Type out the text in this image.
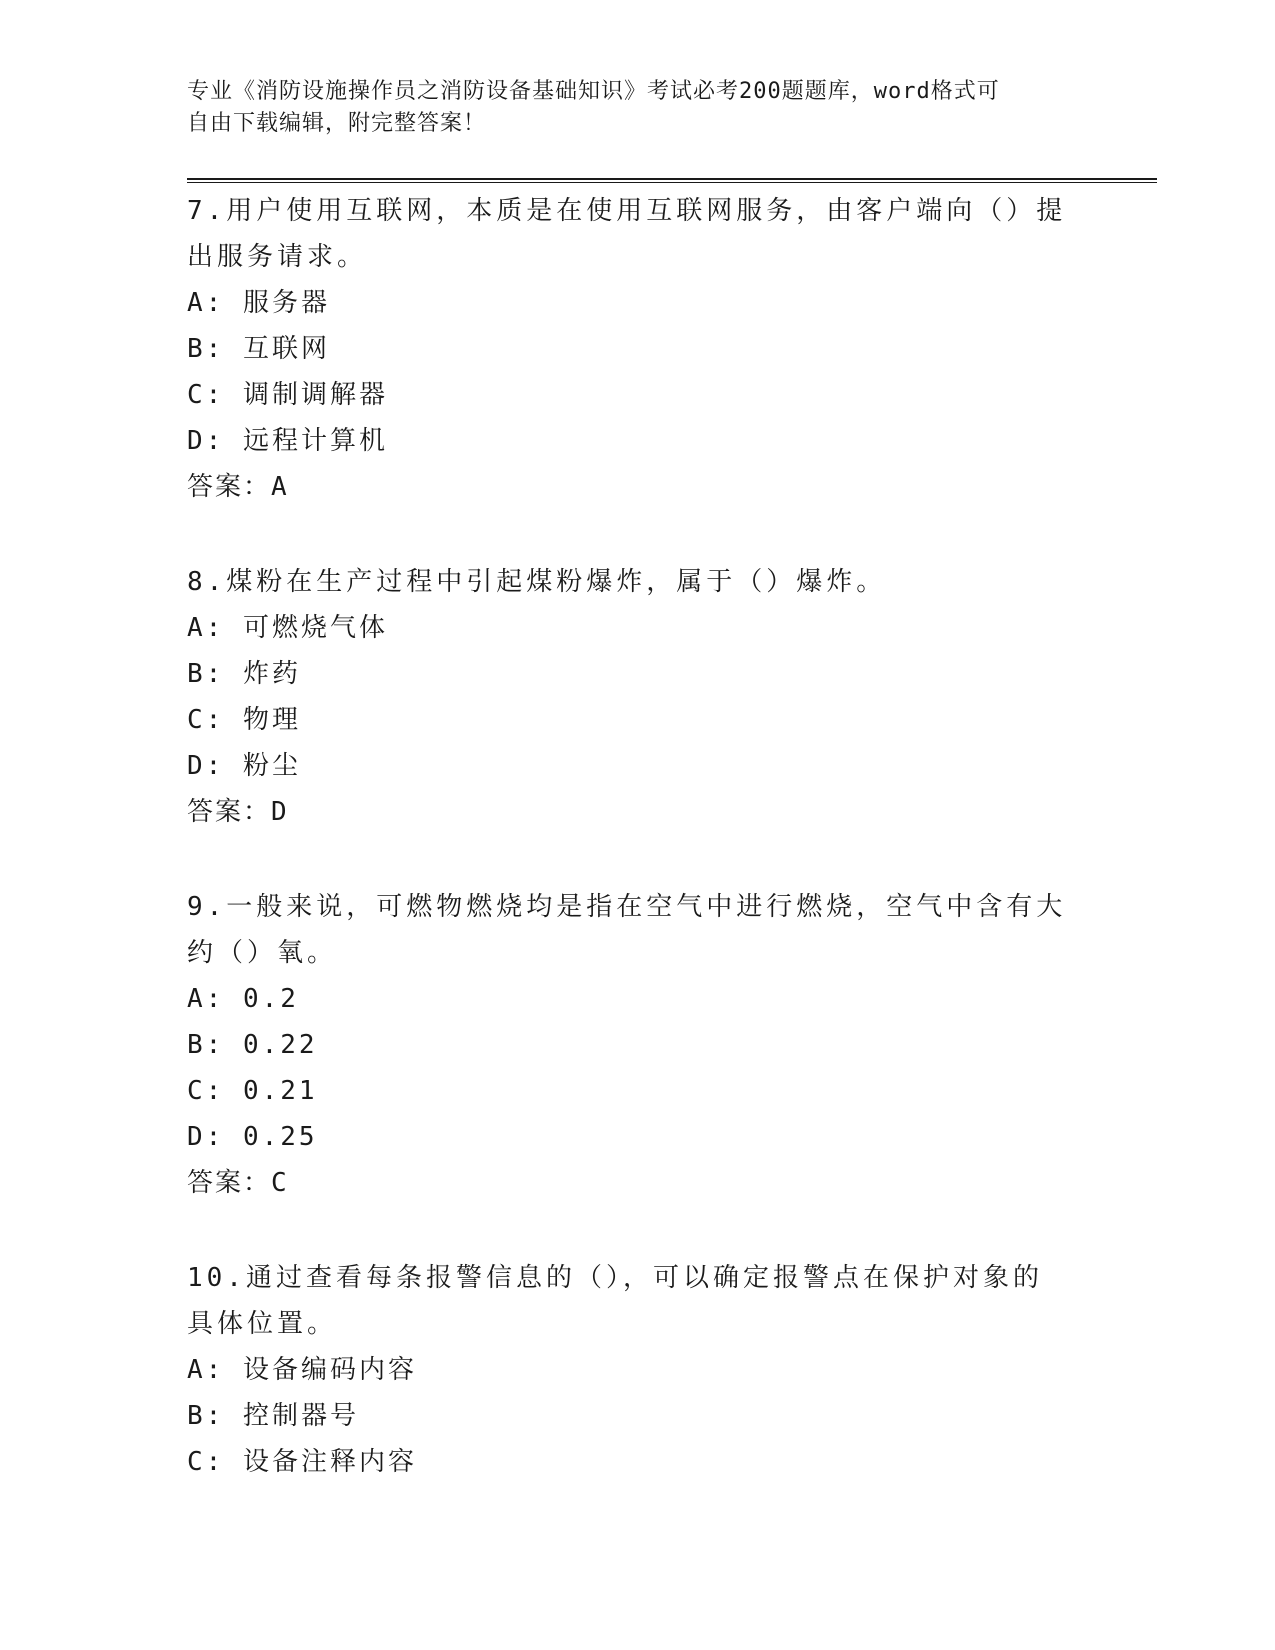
专业《消防设施操作员之消防设备基础知识》考试必考200题题库，word格式可
自由下载编辑，附完整答案！
7.用户使用互联网，本质是在使用互联网服务，由客户端向（）提出服务请求。
A: 服务器
B: 互联网
C: 调制调解器
D: 远程计算机
答案：A
8.煤粉在生产过程中引起煤粉爆炸，属于（）爆炸。
A: 可燃烧气体
B: 炸药
C: 物理
D: 粉尘
答案：D
9.一般来说，可燃物燃烧均是指在空气中进行燃烧，空气中含有大约（）氧。
A: 0.2
B: 0.22
C: 0.21
D: 0.25
答案：C
10.通过查看每条报警信息的（），可以确定报警点在保护对象的具体位置。
A: 设备编码内容
B: 控制器号
C: 设备注释内容
